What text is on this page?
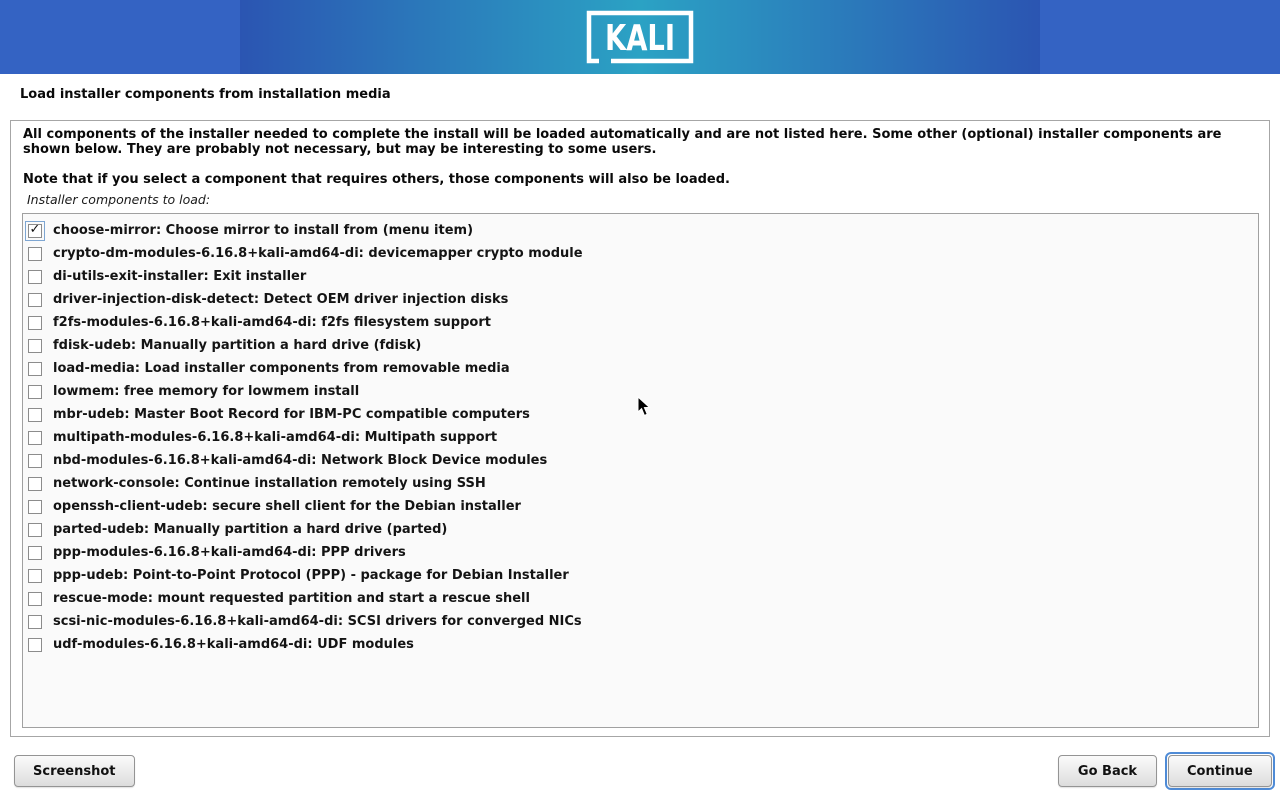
KALI
Load installer components from installation media
All components of the installer needed to complete the install will be loaded automatically and are not listed here. Some other (optional) installer components are shown below. They are probably not necessary, but may be interesting to some users.
Note that if you select a component that requires others, those components will also be loaded.
Installer components to load:
✓ choose-mirror: Choose mirror to install from (menu item)
crypto-dm-modules-6.16.8+kali-amd64-di: devicemapper crypto module
di-utils-exit-installer: Exit installer
driver-injection-disk-detect: Detect OEM driver injection disks
f2fs-modules-6.16.8+kali-amd64-di: f2fs filesystem support
fdisk-udeb: Manually partition a hard drive (fdisk)
load-media: Load installer components from removable media
lowmem: free memory for lowmem install
mbr-udeb: Master Boot Record for IBM-PC compatible computers
multipath-modules-6.16.8+kali-amd64-di: Multipath support
nbd-modules-6.16.8+kali-amd64-di: Network Block Device modules
network-console: Continue installation remotely using SSH
openssh-client-udeb: secure shell client for the Debian installer
parted-udeb: Manually partition a hard drive (parted)
ppp-modules-6.16.8+kali-amd64-di: PPP drivers
ppp-udeb: Point-to-Point Protocol (PPP) - package for Debian Installer
rescue-mode: mount requested partition and start a rescue shell
scsi-nic-modules-6.16.8+kali-amd64-di: SCSI drivers for converged NICs
udf-modules-6.16.8+kali-amd64-di: UDF modules
Screenshot	Go Back	Continue
